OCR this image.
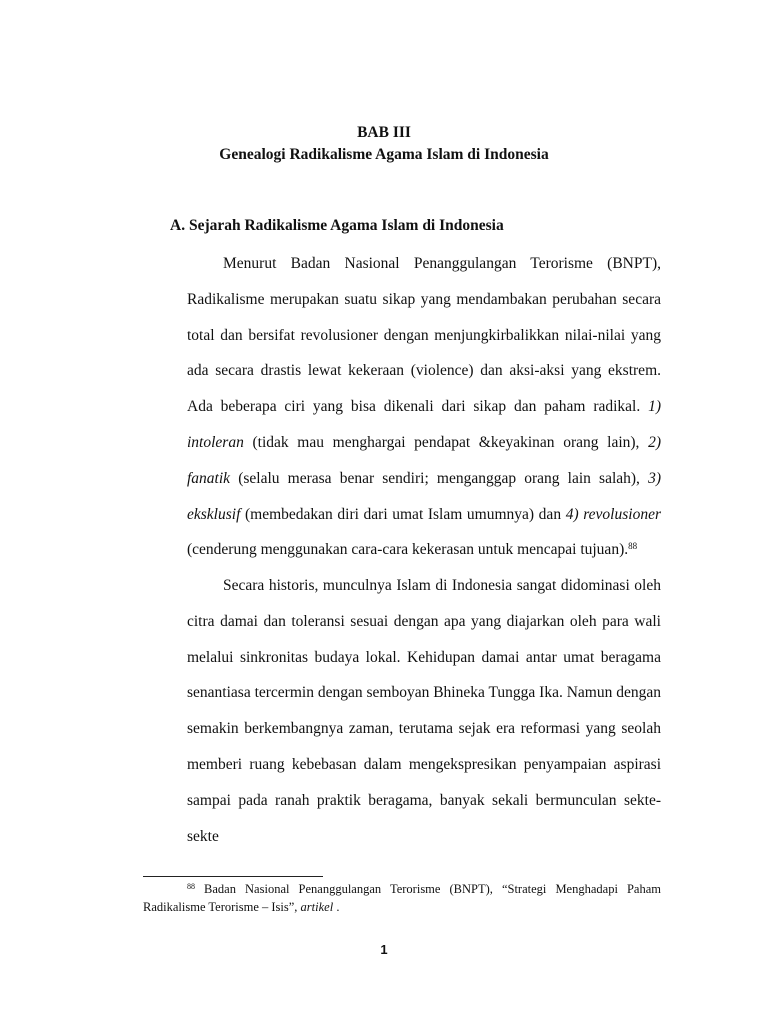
BAB III
Genealogi Radikalisme Agama Islam di Indonesia
A. Sejarah Radikalisme Agama Islam di Indonesia

Menurut Badan Nasional Penanggulangan Terorisme (BNPT), Radikalisme merupakan suatu sikap yang mendambakan perubahan secara total dan bersifat revolusioner dengan menjungkirbalikkan nilai-nilai yang ada secara drastis lewat kekeraan (violence) dan aksi-aksi yang ekstrem. Ada beberapa ciri yang bisa dikenali dari sikap dan paham radikal. 1) intoleran (tidak mau menghargai pendapat &keyakinan orang lain), 2) fanatik (selalu merasa benar sendiri; menganggap orang lain salah), 3) eksklusif (membedakan diri dari umat Islam umumnya) dan 4) revolusioner (cenderung menggunakan cara-cara kekerasan untuk mencapai tujuan).$^{88}$

Secara historis, munculnya Islam di Indonesia sangat didominasi oleh citra damai dan toleransi sesuai dengan apa yang diajarkan oleh para wali melalui sinkronitas budaya lokal. Kehidupan damai antar umat beragama senantiasa tercermin dengan semboyan Bhineka Tungga Ika. Namun dengan semakin berkembangnya zaman, terutama sejak era reformasi yang seolah memberi ruang kebebasan dalam mengekspresikan penyampaian aspirasi sampai pada ranah praktik beragama, banyak sekali bermunculan sekte-sekte

$^{88}$ Badan Nasional Penanggulangan Terorisme (BNPT), “Strategi Menghadapi Paham Radikalisme Terorisme – Isis”, artikel .

1
